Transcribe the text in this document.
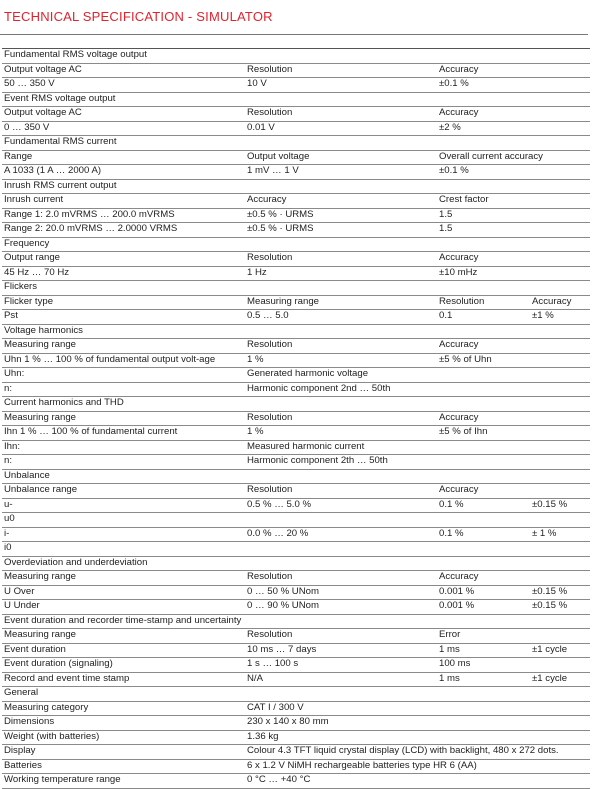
TECHNICAL SPECIFICATION - SIMULATOR
Fundamental RMS voltage output			
Output voltage AC	Resolution	Accuracy	
50 … 350 V	10 V	±0.1 %	
Event RMS voltage output			
Output voltage AC	Resolution	Accuracy	
0 … 350 V	0.01 V	±2 %	
Fundamental RMS current			
Range	Output voltage	Overall current accuracy	
A 1033 (1 A … 2000 A)	1 mV … 1 V	±0.1 %	
Inrush RMS current output			
Inrush current	Accuracy	Crest factor	
Range 1: 2.0 mVRMS … 200.0 mVRMS	±0.5 % · URMS	1.5	
Range 2: 20.0 mVRMS … 2.0000 VRMS	±0.5 % · URMS	1.5	
Frequency			
Output range	Resolution	Accuracy	
45 Hz … 70 Hz	1 Hz	±10 mHz	
Flickers			
Flicker type	Measuring range	Resolution	Accuracy
Pst	0.5 … 5.0	0.1	±1 %
Voltage harmonics			
Measuring range	Resolution	Accuracy	
Uhn 1 % … 100 % of fundamental output volt-age	1 %	±5 % of Uhn	
Uhn:	Generated harmonic voltage		
n:	Harmonic component 2nd … 50th		
Current harmonics and THD			
Measuring range	Resolution	Accuracy	
Ihn 1 % … 100 % of fundamental current	1 %	±5 % of Ihn	
Ihn:	Measured harmonic current		
n:	Harmonic component 2th … 50th		
Unbalance			
Unbalance range	Resolution	Accuracy	
u-	0.5 % … 5.0 %	0.1 %	±0.15 %
u0			
i-	0.0 % … 20 %	0.1 %	± 1 %
i0			
Overdeviation and underdeviation			
Measuring range	Resolution	Accuracy	
U Over	0 … 50 % UNom	0.001 %	±0.15 %
U Under	0 … 90 % UNom	0.001 %	±0.15 %
Event duration and recorder time-stamp and uncertainty			
Measuring range	Resolution	Error	
Event duration	10 ms … 7 days	1 ms	±1 cycle
Event duration (signaling)	1 s … 100 s	100 ms	
Record and event time stamp	N/A	1 ms	±1 cycle
General			
Measuring category	CAT I / 300 V		
Dimensions	230 x 140 x 80 mm		
Weight (with batteries)	1.36 kg		
Display	Colour 4.3 TFT liquid crystal display (LCD) with backlight, 480 x 272 dots.		
Batteries	6 x 1.2 V NiMH rechargeable batteries type HR 6 (AA)		
Working temperature range	0 °C … +40 °C		
